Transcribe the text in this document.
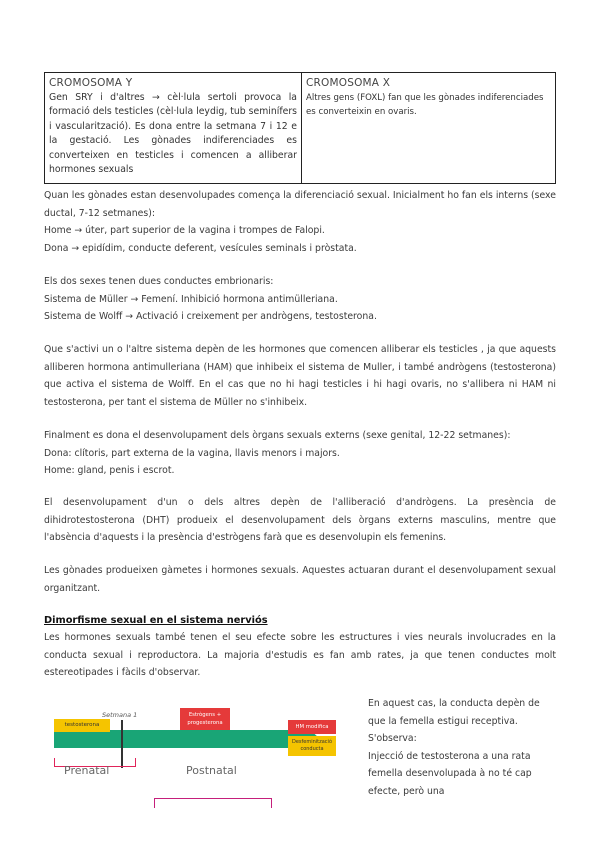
CROMOSOMA Y
Gen SRY i d'altres → cèl·lula sertoli provoca la formació dels testicles (cèl·lula leydig, tub seminífers i vascularització). Es dona entre la setmana 7 i 12 e la gestació. Les gònades indiferenciades es converteixen en testicles i comencen a alliberar hormones sexuals	
CROMOSOMA X
Altres gens (FOXL) fan que les gònades indiferenciades es converteixin en ovaris.

Quan les gònades estan desenvolupades comença la diferenciació sexual. Inicialment ho fan els interns (sexe ductal, 7-12 setmanes):

Home → úter, part superior de la vagina i trompes de Falopi.

Dona → epidídim, conducte deferent, vesícules seminals i pròstata.

Els dos sexes tenen dues conductes embrionaris:

Sistema de Müller → Femení. Inhibició hormona antimülleriana.

Sistema de Wolff → Activació i creixement per andrògens, testosterona.

Que s'activi un o l'altre sistema depèn de les hormones que comencen alliberar els testicles , ja que aquests alliberen hormona antimulleriana (HAM) que inhibeix el sistema de Muller, i també andrògens (testosterona) que activa el sistema de Wolff. En el cas que no hi hagi testicles i hi hagi ovaris, no s'allibera ni HAM ni testosterona, per tant el sistema de Müller no s'inhibeix.

Finalment es dona el desenvolupament dels òrgans sexuals externs (sexe genital, 12-22 setmanes):

Dona: clítoris, part externa de la vagina, llavis menors i majors.

Home: gland, penis i escrot.

El desenvolupament d'un o dels altres depèn de l'alliberació d'andrògens. La presència de dihidrotestosterona (DHT) produeix el desenvolupament dels òrgans externs masculins, mentre que l'absència d'aquests i la presència d'estrògens farà que es desenvolupin els femenins.

Les gònades produeixen gàmetes i hormones sexuals. Aquestes actuaran durant el desenvolupament sexual organitzant.

Dimorfisme sexual en el sistema nerviós

Les hormones sexuals també tenen el seu efecte sobre les estructures i vies neurals involucrades en la conducta sexual i reproductora. La majoria d'estudis es fan amb rates, ja que tenen conductes molt estereotipades i fàcils d'observar.

testosterona
Setmana 1	Estrògens + progesterona
HM modifica
Desfeminització conducta
Prenatal	Postnatal

En aquest cas, la conducta depèn de que la femella estigui receptiva.

S'observa:

Injecció de testosterona a una rata femella desenvolupada à no té cap efecte, però una
